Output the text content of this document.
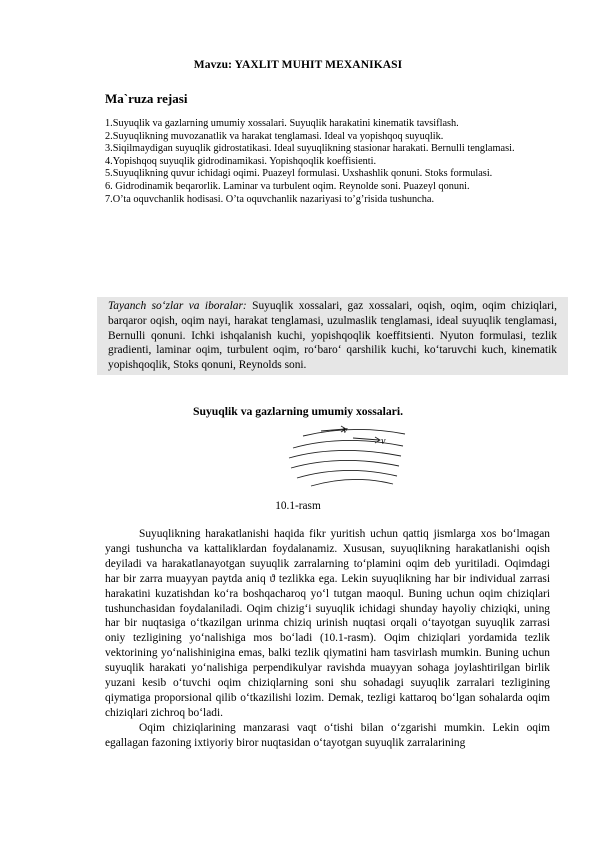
Mavzu: YAXLIT MUHIT MEXANIKASI
Ma`ruza rejasi
1.Suyuqlik va gazlarning umumiy xossalari. Suyuqlik harakatini kinematik tavsiflash.
2.Suyuqlikning muvozanatlik va harakat tenglamasi. Ideal va yopishqoq suyuqlik.
3.Siqilmaydigan suyuqlik gidrostatikasi. Ideal suyuqlikning stasionar harakati. Bernulli tenglamasi.
4.Yopishqoq suyuqlik gidrodinamikasi. Yopishqoqlik koeffisienti.
5.Suyuqlikning quvur ichidagi oqimi. Puazeyl formulasi. Uxshashlik qonuni. Stoks formulasi.
6. Gidrodinamik beqarorlik. Laminar va turbulent oqim. Reynolde soni. Puazeyl qonuni.
7.O’ta oquvchanlik hodisasi. O’ta oquvchanlik nazariyasi to’g’risida tushuncha.
Tayanch so‘zlar va iboralar: Suyuqlik xossalari, gaz xossalari, oqish, oqim, oqim chiziqlari, barqaror oqish, oqim nayi, harakat tenglamasi, uzulmaslik tenglamasi, ideal suyuqlik tenglamasi, Bernulli qonuni. Ichki ishqalanish kuchi, yopishqoqlik koeffitsienti. Nyuton formulasi, tezlik gradienti, laminar oqim, turbulent oqim, ro‘baro‘ qarshilik kuchi, ko‘taruvchi kuch, kinematik yopishqoqlik, Stoks qonuni, Reynolds soni.
Suyuqlik va gazlarning umumiy xossalari.
v
v
10.1-rasm

Suyuqlikning harakatlanishi haqida fikr yuritish uchun qattiq jismlarga xos bo‘lmagan yangi tushuncha va kattaliklardan foydalanamiz. Xususan, suyuqlikning harakatlanishi oqish deyiladi va harakatlanayotgan suyuqlik zarralarning to‘plamini oqim deb yuritiladi. Oqimdagi har bir zarra muayyan paytda aniq ϑ tezlikka ega. Lekin suyuqlikning har bir individual zarrasi harakatini kuzatishdan ko‘ra boshqacharoq yo‘l tutgan maoqul. Buning uchun oqim chiziqlari tushunchasidan foydalaniladi. Oqim chizig‘i suyuqlik ichidagi shunday hayoliy chiziqki, uning har bir nuqtasiga o‘tkazilgan urinma chiziq urinish nuqtasi orqali o‘tayotgan suyuqlik zarrasi oniy tezligining yo‘nalishiga mos bo‘ladi (10.1-rasm). Oqim chiziqlari yordamida tezlik vektorining yo‘nalishinigina emas, balki tezlik qiymatini ham tasvirlash mumkin. Buning uchun suyuqlik harakati yo‘nalishiga perpendikulyar ravishda muayyan sohaga joylashtirilgan birlik yuzani kesib o‘tuvchi oqim chiziqlarning soni shu sohadagi suyuqlik zarralari tezligining qiymatiga proporsional qilib o‘tkazilishi lozim. Demak, tezligi kattaroq bo‘lgan sohalarda oqim chiziqlari zichroq bo‘ladi.

Oqim chiziqlarining manzarasi vaqt o‘tishi bilan o‘zgarishi mumkin. Lekin oqim egallagan fazoning ixtiyoriy biror nuqtasidan o‘tayotgan suyuqlik zarralarining
